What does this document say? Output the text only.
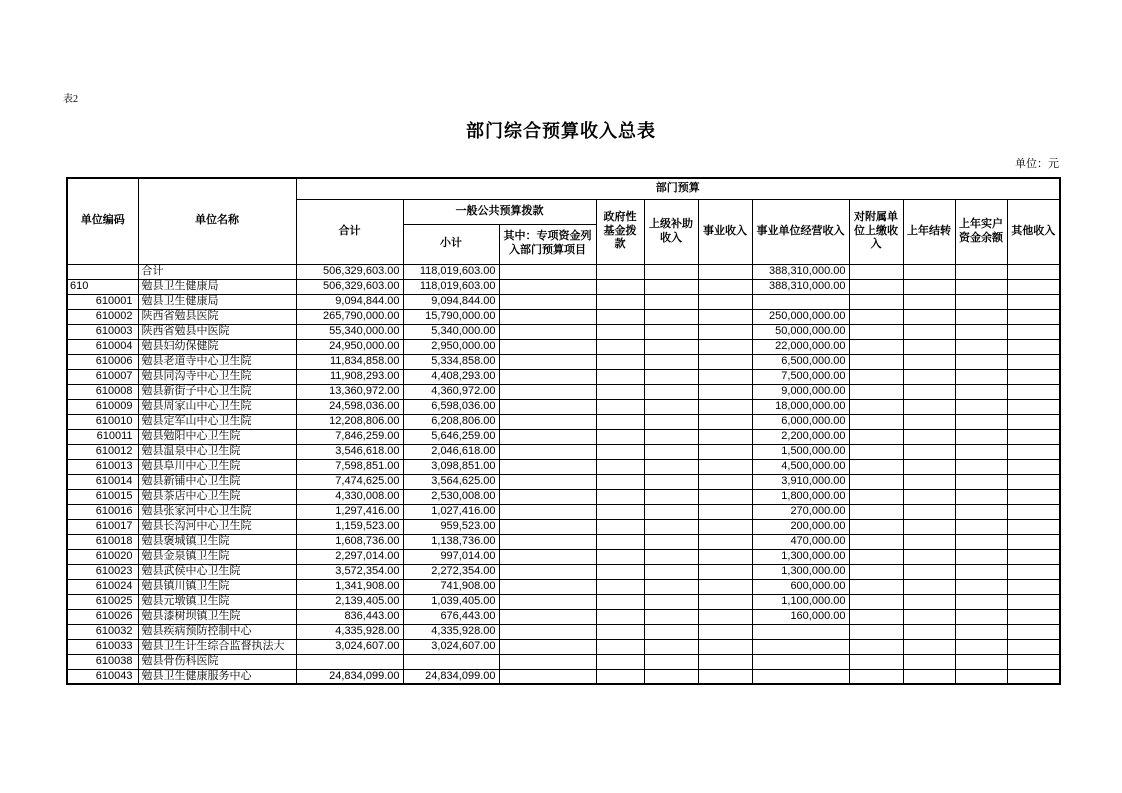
表2
部门综合预算收入总表
单位：元
单位编码	单位名称	部门预算										
		合计	一般公共预算拨款		政府性基金拨款	上级补助收入	事业收入	事业单位经营收入	对附属单位上缴收入	上年结转	上年实户资金余额	其他收入
			小计	其中：专项资金列入部门预算项目								
	合计	506,329,603.00	118,019,603.00					388,310,000.00				
610	勉县卫生健康局	506,329,603.00	118,019,603.00					388,310,000.00				
610001	勉县卫生健康局	9,094,844.00	9,094,844.00									
610002	陕西省勉县医院	265,790,000.00	15,790,000.00					250,000,000.00				
610003	陕西省勉县中医院	55,340,000.00	5,340,000.00					50,000,000.00				
610004	勉县妇幼保健院	24,950,000.00	2,950,000.00					22,000,000.00				
610006	勉县老道寺中心卫生院	11,834,858.00	5,334,858.00					6,500,000.00				
610007	勉县同沟寺中心卫生院	11,908,293.00	4,408,293.00					7,500,000.00				
610008	勉县新街子中心卫生院	13,360,972.00	4,360,972.00					9,000,000.00				
610009	勉县周家山中心卫生院	24,598,036.00	6,598,036.00					18,000,000.00				
610010	勉县定军山中心卫生院	12,208,806.00	6,208,806.00					6,000,000.00				
610011	勉县勉阳中心卫生院	7,846,259.00	5,646,259.00					2,200,000.00				
610012	勉县温泉中心卫生院	3,546,618.00	2,046,618.00					1,500,000.00				
610013	勉县阜川中心卫生院	7,598,851.00	3,098,851.00					4,500,000.00				
610014	勉县新铺中心卫生院	7,474,625.00	3,564,625.00					3,910,000.00				
610015	勉县茶店中心卫生院	4,330,008.00	2,530,008.00					1,800,000.00				
610016	勉县张家河中心卫生院	1,297,416.00	1,027,416.00					270,000.00				
610017	勉县长沟河中心卫生院	1,159,523.00	959,523.00					200,000.00				
610018	勉县褒城镇卫生院	1,608,736.00	1,138,736.00					470,000.00				
610020	勉县金泉镇卫生院	2,297,014.00	997,014.00					1,300,000.00				
610023	勉县武侯中心卫生院	3,572,354.00	2,272,354.00					1,300,000.00				
610024	勉县镇川镇卫生院	1,341,908.00	741,908.00					600,000.00				
610025	勉县元墩镇卫生院	2,139,405.00	1,039,405.00					1,100,000.00				
610026	勉县漆树坝镇卫生院	836,443.00	676,443.00					160,000.00				
610032	勉县疾病预防控制中心	4,335,928.00	4,335,928.00									
610033	勉县卫生计生综合监督执法大	3,024,607.00	3,024,607.00									
610038	勉县骨伤科医院											
610043	勉县卫生健康服务中心	24,834,099.00	24,834,099.00									
